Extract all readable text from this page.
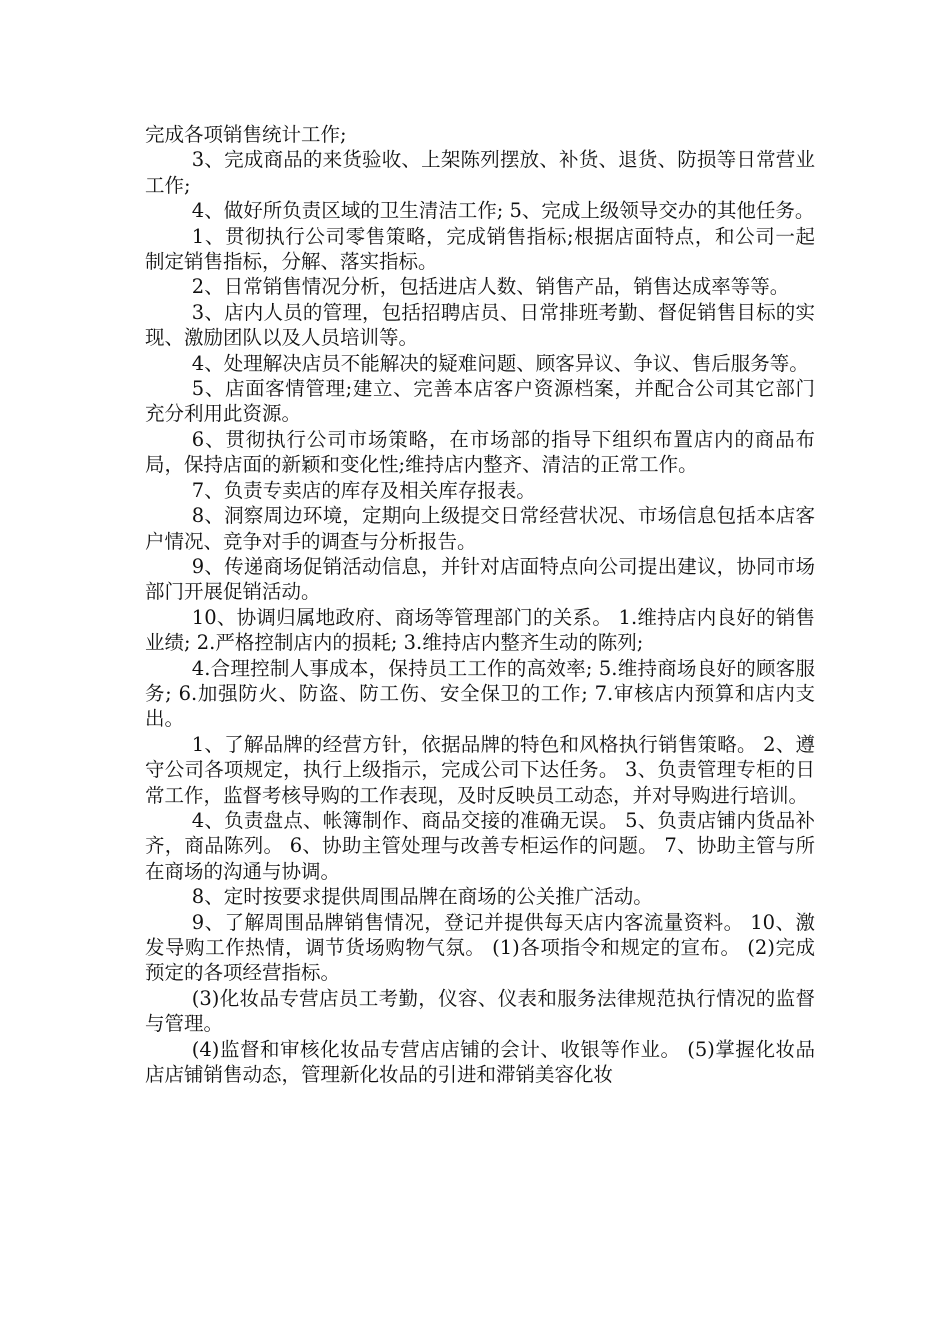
完成各项销售统计工作;

3、完成商品的来货验收、上架陈列摆放、补货、退货、防损等日常营业工作;

4、做好所负责区域的卫生清洁工作; 5、完成上级领导交办的其他任务。

1、贯彻执行公司零售策略，完成销售指标;根据店面特点，和公司一起制定销售指标，分解、落实指标。

2、日常销售情况分析，包括进店人数、销售产品，销售达成率等等。

3、店内人员的管理，包括招聘店员、日常排班考勤、督促销售目标的实现、激励团队以及人员培训等。

4、处理解决店员不能解决的疑难问题、顾客异议、争议、售后服务等。

5、店面客情管理;建立、完善本店客户资源档案，并配合公司其它部门充分利用此资源。

6、贯彻执行公司市场策略，在市场部的指导下组织布置店内的商品布局，保持店面的新颖和变化性;维持店内整齐、清洁的正常工作。

7、负责专卖店的库存及相关库存报表。

8、洞察周边环境，定期向上级提交日常经营状况、市场信息包括本店客户情况、竞争对手的调查与分析报告。

9、传递商场促销活动信息，并针对店面特点向公司提出建议，协同市场部门开展促销活动。

10、协调归属地政府、商场等管理部门的关系。 1.维持店内良好的销售业绩; 2.严格控制店内的损耗; 3.维持店内整齐生动的陈列;

4.合理控制人事成本，保持员工工作的高效率; 5.维持商场良好的顾客服务; 6.加强防火、防盗、防工伤、安全保卫的工作; 7.审核店内预算和店内支出。

1、了解品牌的经营方针，依据品牌的特色和风格执行销售策略。 2、遵守公司各项规定，执行上级指示，完成公司下达任务。 3、负责管理专柜的日常工作，监督考核导购的工作表现，及时反映员工动态，并对导购进行培训。

4、负责盘点、帐簿制作、商品交接的准确无误。 5、负责店铺内货品补齐，商品陈列。 6、协助主管处理与改善专柜运作的问题。 7、协助主管与所在商场的沟通与协调。

8、定时按要求提供周围品牌在商场的公关推广活动。

9、了解周围品牌销售情况，登记并提供每天店内客流量资料。 10、激发导购工作热情，调节货场购物气氛。 (1)各项指令和规定的宣布。 (2)完成预定的各项经营指标。

(3)化妆品专营店员工考勤，仪容、仪表和服务法律规范执行情况的监督与管理。

(4)监督和审核化妆品专营店店铺的会计、收银等作业。 (5)掌握化妆品店店铺销售动态，管理新化妆品的引进和滞销美容化妆
